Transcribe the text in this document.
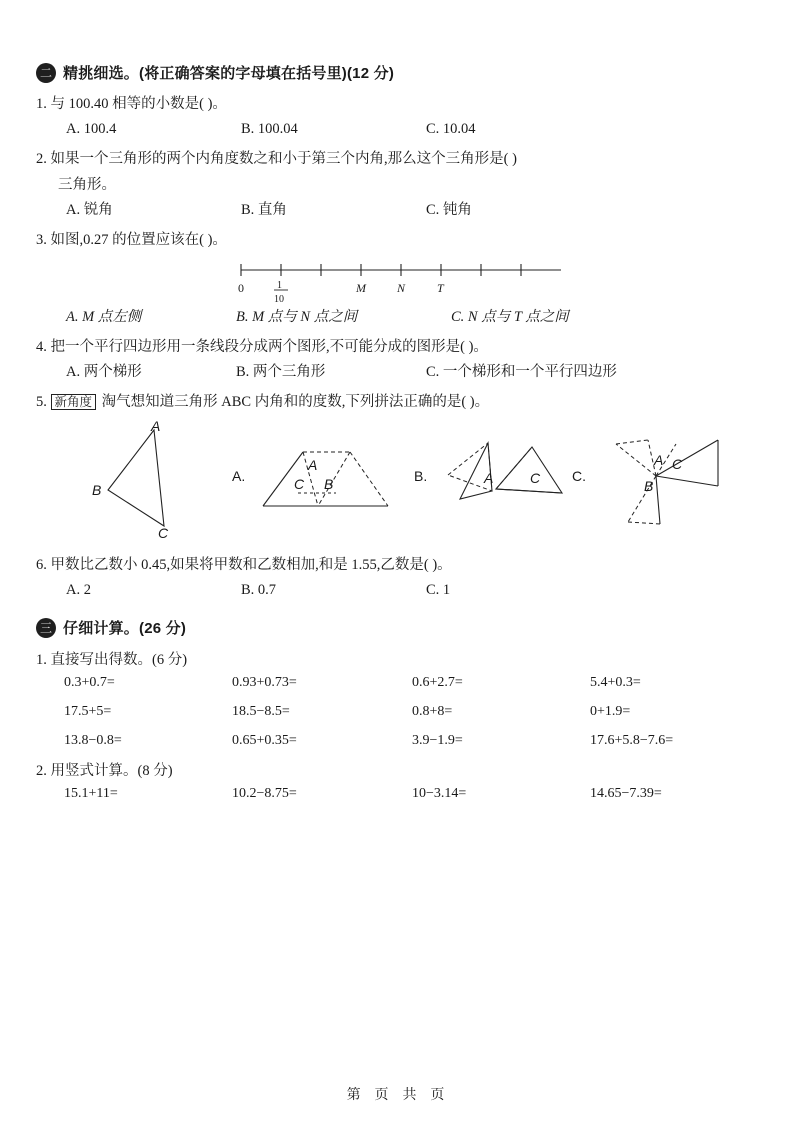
二 精挑细选。(将正确答案的字母填在括号里)(12 分)
1. 与 100.40 相等的小数是( )。
A. 100.4	B. 100.04	C. 10.04
2. 如果一个三角形的两个内角度数之和小于第三个内角,那么这个三角形是( )
三角形。
A. 锐角	B. 直角	C. 钝角
3. 如图,0.27 的位置应该在( )。
0	1
10
M	N	T
A. M 点左侧	B. M 点与 N 点之间	C. N 点与 T 点之间
4. 把一个平行四边形用一条线段分成两个图形,不可能分成的图形是( )。
A. 两个梯形	B. 两个三角形	C. 一个梯形和一个平行四边形
5. 新角度 淘气想知道三角形 ABC 内角和的度数,下列拼法正确的是( )。
A
B
C
A.
A
C B	B.	A	C C.
A C
B
6. 甲数比乙数小 0.45,如果将甲数和乙数相加,和是 1.55,乙数是( )。
A. 2	B. 0.7	C. 1
三 仔细计算。(26 分)
1. 直接写出得数。(6 分)
0.3+0.7=	0.93+0.73=	0.6+2.7=	5.4+0.3=
17.5+5=	18.5−8.5=	0.8+8=	0+1.9=
13.8−0.8=	0.65+0.35=	3.9−1.9=	17.6+5.8−7.6=
2. 用竖式计算。(8 分)
15.1+11=	10.2−8.75=	10−3.14=	14.65−7.39=
第 页 共 页
